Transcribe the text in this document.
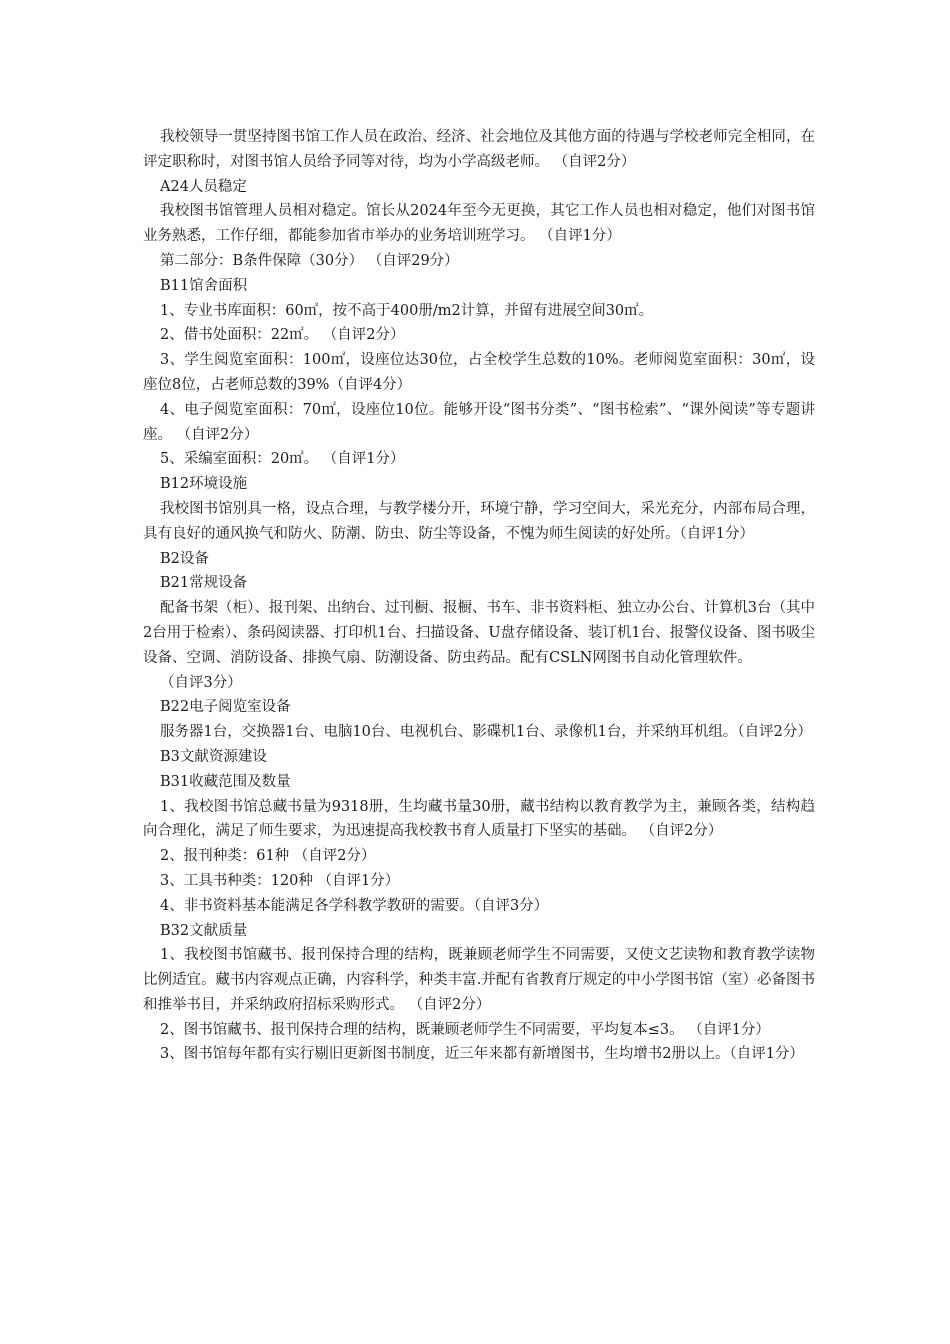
我校领导一贯坚持图书馆工作人员在政治、经济、社会地位及其他方面的待遇与学校老师完全相同，在评定职称时，对图书馆人员给予同等对待，均为小学高级老师。 （自评2分）

A24人员稳定

我校图书馆管理人员相对稳定。馆长从2024年至今无更换，其它工作人员也相对稳定，他们对图书馆业务熟悉，工作仔细，都能参加省市举办的业务培训班学习。 （自评1分）

第二部分：B条件保障（30分） （自评29分）

B11馆舍面积

1、专业书库面积：60㎡，按不高于400册/m2计算，并留有进展空间30㎡。

2、借书处面积：22㎡。 （自评2分）

3、学生阅览室面积：100㎡，设座位达30位，占全校学生总数的10%。老师阅览室面积：30㎡，设座位8位，占老师总数的39%（自评4分）

4、电子阅览室面积：70㎡，设座位10位。能够开设“图书分类”、“图书检索”、“课外阅读”等专题讲座。 （自评2分）

5、采编室面积：20㎡。 （自评1分）

B12环境设施

我校图书馆别具一格，设点合理，与教学楼分开，环境宁静，学习空间大，采光充分，内部布局合理，具有良好的通风换气和防火、防潮、防虫、防尘等设备，不愧为师生阅读的好处所。（自评1分）

B2设备

B21常规设备

配备书架（柜）、报刊架、出纳台、过刊橱、报橱、书车、非书资料柜、独立办公台、计算机3台（其中2台用于检索）、条码阅读器、打印机1台、扫描设备、U盘存储设备、装订机1台、报警仪设备、图书吸尘设备、空调、消防设备、排换气扇、防潮设备、防虫药品。配有CSLN网图书自动化管理软件。

（自评3分）

B22电子阅览室设备

服务器1台，交换器1台、电脑10台、电视机台、影碟机1台、录像机1台，并采纳耳机组。（自评2分）

B3文献资源建设

B31收藏范围及数量

1、我校图书馆总藏书量为9318册，生均藏书量30册，藏书结构以教育教学为主，兼顾各类，结构趋向合理化，满足了师生要求，为迅速提高我校教书育人质量打下坚实的基础。 （自评2分）

2、报刊种类：61种 （自评2分）

3、工具书种类：120种 （自评1分）

4、非书资料基本能满足各学科教学教研的需要。（自评3分）

B32文献质量

1、我校图书馆藏书、报刊保持合理的结构，既兼顾老师学生不同需要，又使文艺读物和教育教学读物比例适宜。藏书内容观点正确，内容科学，种类丰富.并配有省教育厅规定的中小学图书馆（室）必备图书和推举书目，并采纳政府招标采购形式。 （自评2分）

2、图书馆藏书、报刊保持合理的结构，既兼顾老师学生不同需要，平均复本≤3。 （自评1分）

3、图书馆每年都有实行剔旧更新图书制度，近三年来都有新增图书，生均增书2册以上。（自评1分）
